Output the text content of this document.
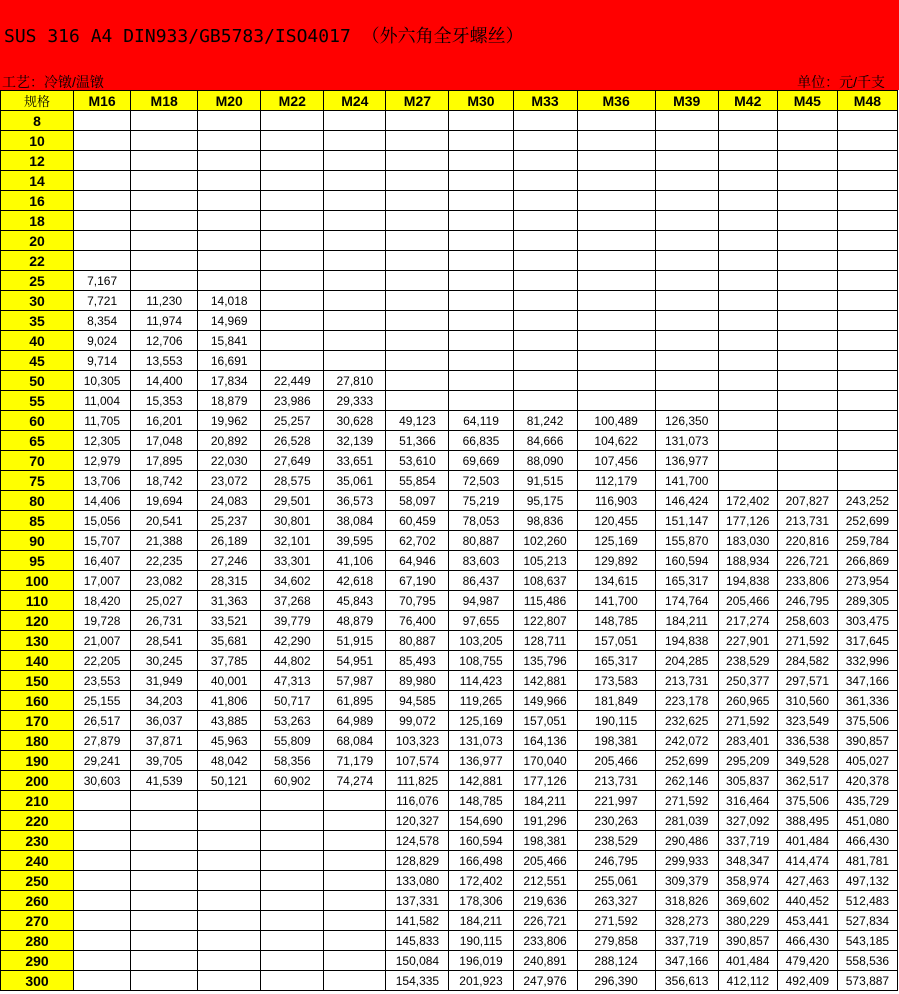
SUS 316 A4 DIN933/GB5783/ISO4017 （外六角全牙螺丝）
工艺：冷镦/温镦	单位：元/千支
规格	M16	M18	M20	M22	M24	M27	M30	M33	M36	M39	M42	M45	M48
8													
10													
12													
14													
16													
18													
20													
22													
25	7,167												
30	7,721	11,230	14,018										
35	8,354	11,974	14,969										
40	9,024	12,706	15,841										
45	9,714	13,553	16,691										
50	10,305	14,400	17,834	22,449	27,810								
55	11,004	15,353	18,879	23,986	29,333								
60	11,705	16,201	19,962	25,257	30,628	49,123	64,119	81,242	100,489	126,350			
65	12,305	17,048	20,892	26,528	32,139	51,366	66,835	84,666	104,622	131,073			
70	12,979	17,895	22,030	27,649	33,651	53,610	69,669	88,090	107,456	136,977			
75	13,706	18,742	23,072	28,575	35,061	55,854	72,503	91,515	112,179	141,700			
80	14,406	19,694	24,083	29,501	36,573	58,097	75,219	95,175	116,903	146,424	172,402	207,827	243,252
85	15,056	20,541	25,237	30,801	38,084	60,459	78,053	98,836	120,455	151,147	177,126	213,731	252,699
90	15,707	21,388	26,189	32,101	39,595	62,702	80,887	102,260	125,169	155,870	183,030	220,816	259,784
95	16,407	22,235	27,246	33,301	41,106	64,946	83,603	105,213	129,892	160,594	188,934	226,721	266,869
100	17,007	23,082	28,315	34,602	42,618	67,190	86,437	108,637	134,615	165,317	194,838	233,806	273,954
110	18,420	25,027	31,363	37,268	45,843	70,795	94,987	115,486	141,700	174,764	205,466	246,795	289,305
120	19,728	26,731	33,521	39,779	48,879	76,400	97,655	122,807	148,785	184,211	217,274	258,603	303,475
130	21,007	28,541	35,681	42,290	51,915	80,887	103,205	128,711	157,051	194,838	227,901	271,592	317,645
140	22,205	30,245	37,785	44,802	54,951	85,493	108,755	135,796	165,317	204,285	238,529	284,582	332,996
150	23,553	31,949	40,001	47,313	57,987	89,980	114,423	142,881	173,583	213,731	250,377	297,571	347,166
160	25,155	34,203	41,806	50,717	61,895	94,585	119,265	149,966	181,849	223,178	260,965	310,560	361,336
170	26,517	36,037	43,885	53,263	64,989	99,072	125,169	157,051	190,115	232,625	271,592	323,549	375,506
180	27,879	37,871	45,963	55,809	68,084	103,323	131,073	164,136	198,381	242,072	283,401	336,538	390,857
190	29,241	39,705	48,042	58,356	71,179	107,574	136,977	170,040	205,466	252,699	295,209	349,528	405,027
200	30,603	41,539	50,121	60,902	74,274	111,825	142,881	177,126	213,731	262,146	305,837	362,517	420,378
210						116,076	148,785	184,211	221,997	271,592	316,464	375,506	435,729
220						120,327	154,690	191,296	230,263	281,039	327,092	388,495	451,080
230						124,578	160,594	198,381	238,529	290,486	337,719	401,484	466,430
240						128,829	166,498	205,466	246,795	299,933	348,347	414,474	481,781
250						133,080	172,402	212,551	255,061	309,379	358,974	427,463	497,132
260						137,331	178,306	219,636	263,327	318,826	369,602	440,452	512,483
270						141,582	184,211	226,721	271,592	328,273	380,229	453,441	527,834
280						145,833	190,115	233,806	279,858	337,719	390,857	466,430	543,185
290						150,084	196,019	240,891	288,124	347,166	401,484	479,420	558,536
300						154,335	201,923	247,976	296,390	356,613	412,112	492,409	573,887
